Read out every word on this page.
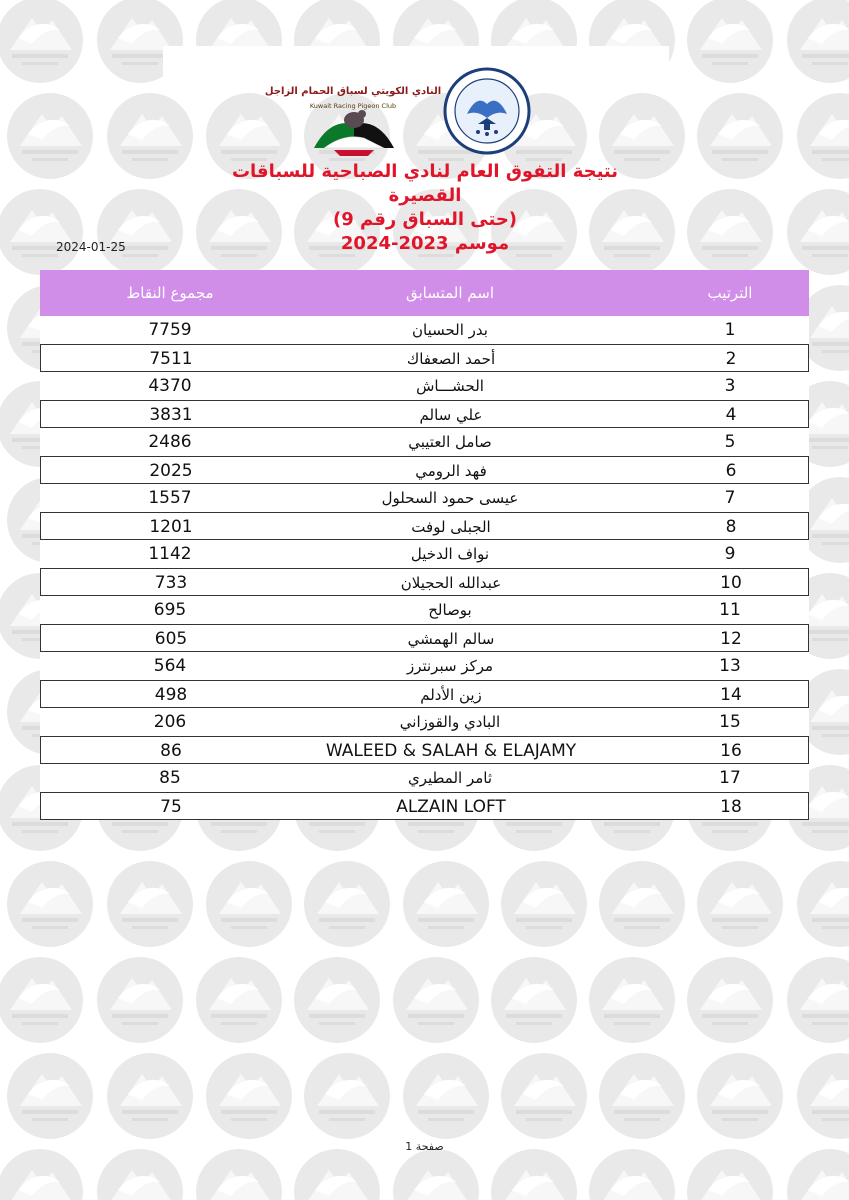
النادي الكويتي لسباق الحمام الزاجل
Kuwait Racing Pigeon Club
نتيجة التفوق العام لنادي الصباحية للسباقات القصيرة
(حتى السباق رقم 9)
موسم 2023-2024
2024-01-25
الترتيب
اسم المتسابق
مجموع النقاط
1
بدر الحسيان
7759
2
أحمد الصعفاك
7511
3
الحشـــاش
4370
4
علي سالم
3831
5
صامل العتيبي
2486
6
فهد الرومي
2025
7
عيسى حمود السحلول
1557
8
الجبلى لوفت
1201
9
نواف الدخيل
1142
10
عبدالله الحجيلان
733
11
بوصالح
695
12
سالم الهمشي
605
13
مركز سبرنترز
564
14
زين الأدلم
498
15
البادي والقوزاني
206
16
WALEED & SALAH & ELAJAMY
86
17
ثامر المطيري
85
18
ALZAIN LOFT
75
صفحة 1
